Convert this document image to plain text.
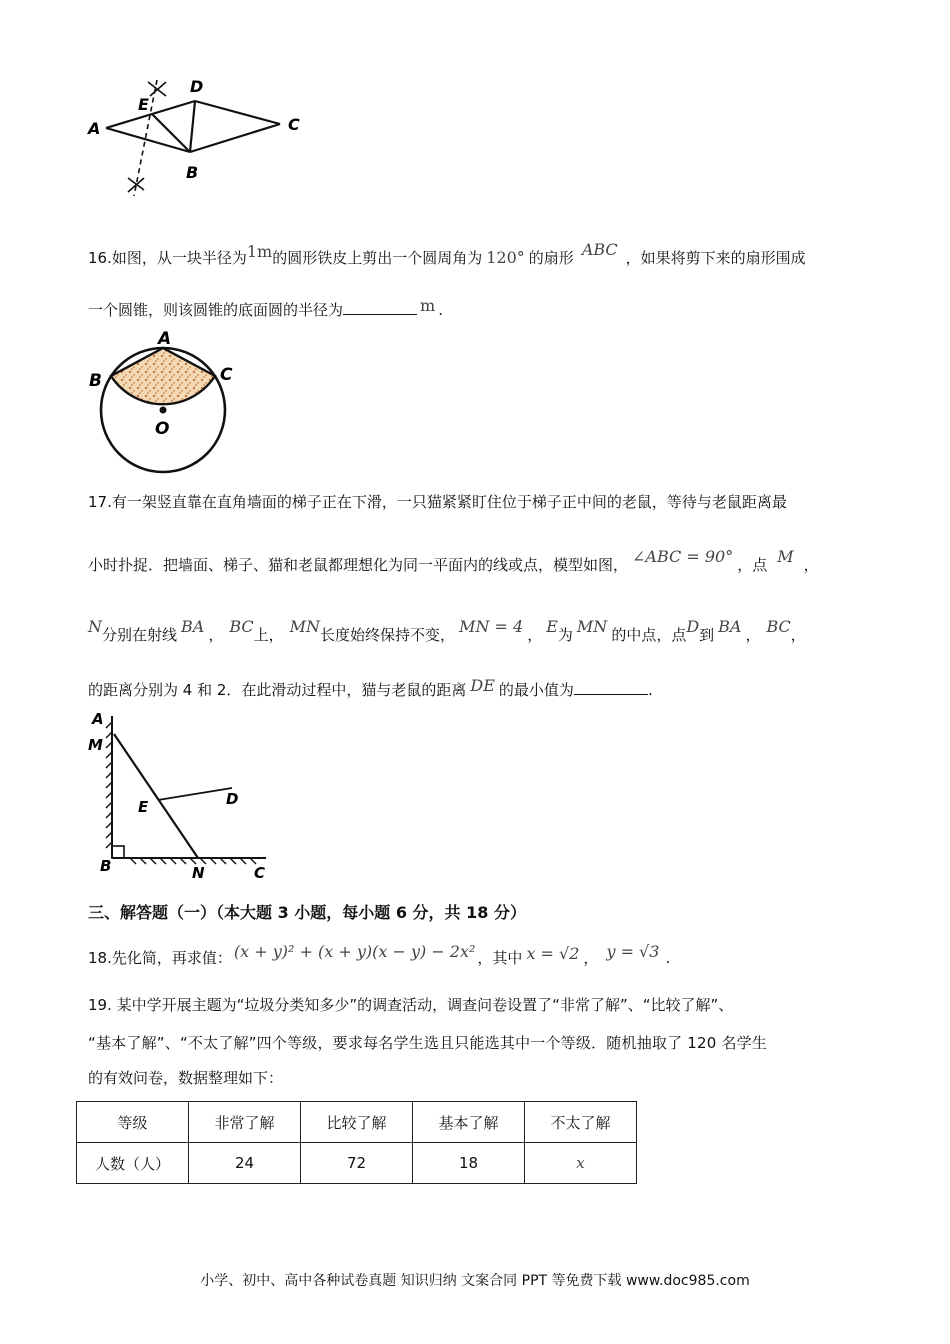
A
E
D
B
C
16.如图，从一块半径为1m的圆形铁皮上剪出一个圆周角为 120° 的扇形 ABC ，如果将剪下来的扇形围成
一个圆锥，则该圆锥的底面圆的半径为	m .
A
B	C
O
17.有一架竖直靠在直角墙面的梯子正在下滑，一只猫紧紧盯住位于梯子正中间的老鼠，等待与老鼠距离最
小时扑捉．把墙面、梯子、猫和老鼠都理想化为同一平面内的线或点，模型如图， ∠ABC = 90° ，点 M ，
N分别在射线 BA ， BC上， MN长度始终保持不变， MN = 4 ， E为 MN 的中点，点D到 BA ， BC，
的距离分别为 4 和 2．在此滑动过程中，猫与老鼠的距离 DE 的最小值为	.
A
M
E	D
B	N	C
三、解答题（一）（本大题 3 小题，每小题 6 分，共 18 分）
18.先化简，再求值： (x + y)² + (x + y)(x − y) − 2x² ，其中 x = √2 ， y = √3 .
19. 某中学开展主题为“垃圾分类知多少”的调查活动，调查问卷设置了“非常了解”、“比较了解”、
“基本了解”、“不太了解”四个等级，要求每名学生选且只能选其中一个等级．随机抽取了 120 名学生
的有效问卷，数据整理如下：
等级	非常了解	比较了解	基本了解	不太了解
人数（人）	24	72	18	x
小学、初中、高中各种试卷真题 知识归纳 文案合同 PPT 等免费下载 www.doc985.com
